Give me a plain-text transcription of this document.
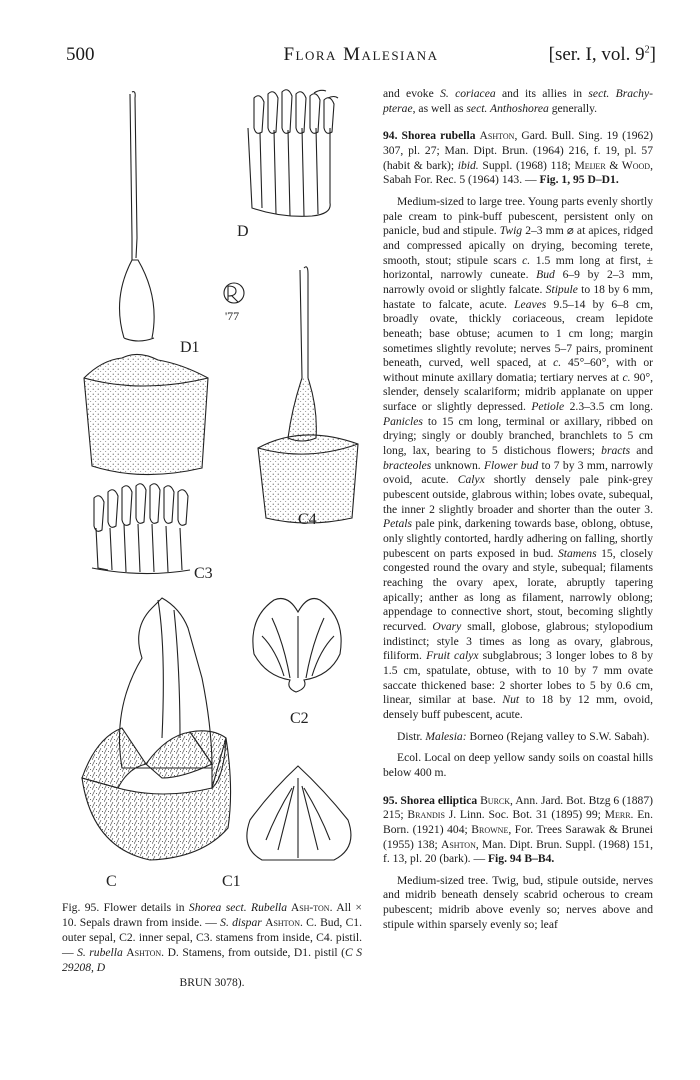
500	Flora Malesiana	[ser. I, vol. $9^2$]
D
D1
'77
C4
C3
C2
C	C1

Fig. 95. Flower details in Shorea sect. Rubella Ash-ton. All × 10. Sepals drawn from inside. — S. dispar Ashton. C. Bud, C1. outer sepal, C2. inner sepal, C3. stamens from inside, C4. pistil. — S. rubella Ashton. D. Stamens, from outside, D1. pistil (C S 29208, D

BRUN 3078).

and evoke S. coriacea and its allies in sect. Brachy-pterae, as well as sect. Anthoshorea generally.

94. Shorea rubella Ashton, Gard. Bull. Sing. 19 (1962) 307, pl. 27; Man. Dipt. Brun. (1964) 216, f. 19, pl. 57 (habit & bark); ibid. Suppl. (1968) 118; Meijer & Wood, Sabah For. Rec. 5 (1964) 143. — Fig. 1, 95 D–D1.

Medium-sized to large tree. Young parts evenly shortly pale cream to pink-buff pubescent, persistent only on panicle, bud and stipule. Twig 2–3 mm ⌀ at apices, ridged and compressed apically on drying, becoming terete, smooth, stout; stipule scars c. 1.5 mm long at first, ± horizontal, narrowly cuneate. Bud 6–9 by 2–3 mm, narrowly ovoid or slightly falcate. Stipule to 18 by 6 mm, hastate to falcate, acute. Leaves 9.5–14 by 6–8 cm, broadly ovate, thickly coriaceous, cream lepidote beneath; base obtuse; acumen to 1 cm long; margin sometimes slightly revolute; nerves 5–7 pairs, prominent beneath, curved, well spaced, at c. 45°–60°, with or without minute axillary domatia; tertiary nerves at c. 90°, slender, densely scalariform; midrib applanate on upper surface or slightly depressed. Petiole 2.3–3.5 cm long. Panicles to 15 cm long, terminal or axillary, ribbed on drying; singly or doubly branched, branchlets to 5 cm long, lax, bearing to 5 distichous flowers; bracts and bracteoles unknown. Flower bud to 7 by 3 mm, narrowly ovoid, acute. Calyx shortly densely pale pink-grey pubescent outside, glabrous within; lobes ovate, subequal, the inner 2 slightly broader and shorter than the outer 3. Petals pale pink, darkening towards base, oblong, obtuse, only slightly contorted, hardly adhering on falling, shortly pubescent on parts exposed in bud. Stamens 15, closely congested round the ovary and style, subequal; filaments reaching the ovary apex, lorate, abruptly tapering apically; anther as long as filament, narrowly oblong; appendage to connective short, stout, becoming slightly recurved. Ovary small, globose, glabrous; stylopodium indistinct; style 3 times as long as ovary, glabrous, filiform. Fruit calyx subglabrous; 3 longer lobes to 8 by 1.5 cm, spatulate, obtuse, with to 10 by 7 mm ovate saccate thickened base: 2 shorter lobes to 5 by 0.6 cm, linear, similar at base. Nut to 18 by 12 mm, ovoid, densely buff pubescent, acute.

Distr. Malesia: Borneo (Rejang valley to S.W. Sabah).

Ecol. Local on deep yellow sandy soils on coastal hills below 400 m.

95. Shorea elliptica Burck, Ann. Jard. Bot. Btzg 6 (1887) 215; Brandis J. Linn. Soc. Bot. 31 (1895) 99; Merr. En. Born. (1921) 404; Browne, For. Trees Sarawak & Brunei (1955) 138; Ashton, Man. Dipt. Brun. Suppl. (1968) 151, f. 13, pl. 20 (bark). — Fig. 94 B–B4.

Medium-sized tree. Twig, bud, stipule outside, nerves and midrib beneath densely scabrid ocherous to cream pubescent; midrib above evenly so; nerves above and stipule within sparsely evenly so; leaf
